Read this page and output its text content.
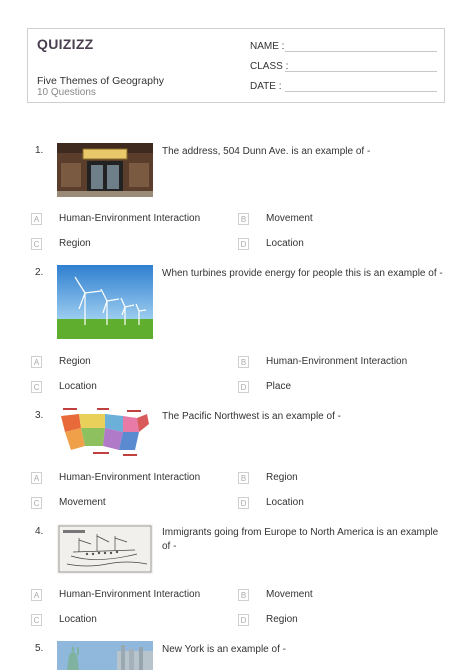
QUIZIZZ
Five Themes of Geography
10 Questions
NAME :
CLASS :
DATE :
1.	The address, 504 Dunn Ave. is an example of -
A Human-Environment Interaction	B Movement
C Region	D Location
2.	When turbines provide energy for people this is an example of -
A Region	B Human-Environment Interaction
C Location	D Place
3.	The Pacific Northwest is an example of -
A Human-Environment Interaction	B Region
C Movement	D Location
4.	Immigrants going from Europe to North America is an example of -
A Human-Environment Interaction	B Movement
C Location	D Region
5.	New York is an example of -
